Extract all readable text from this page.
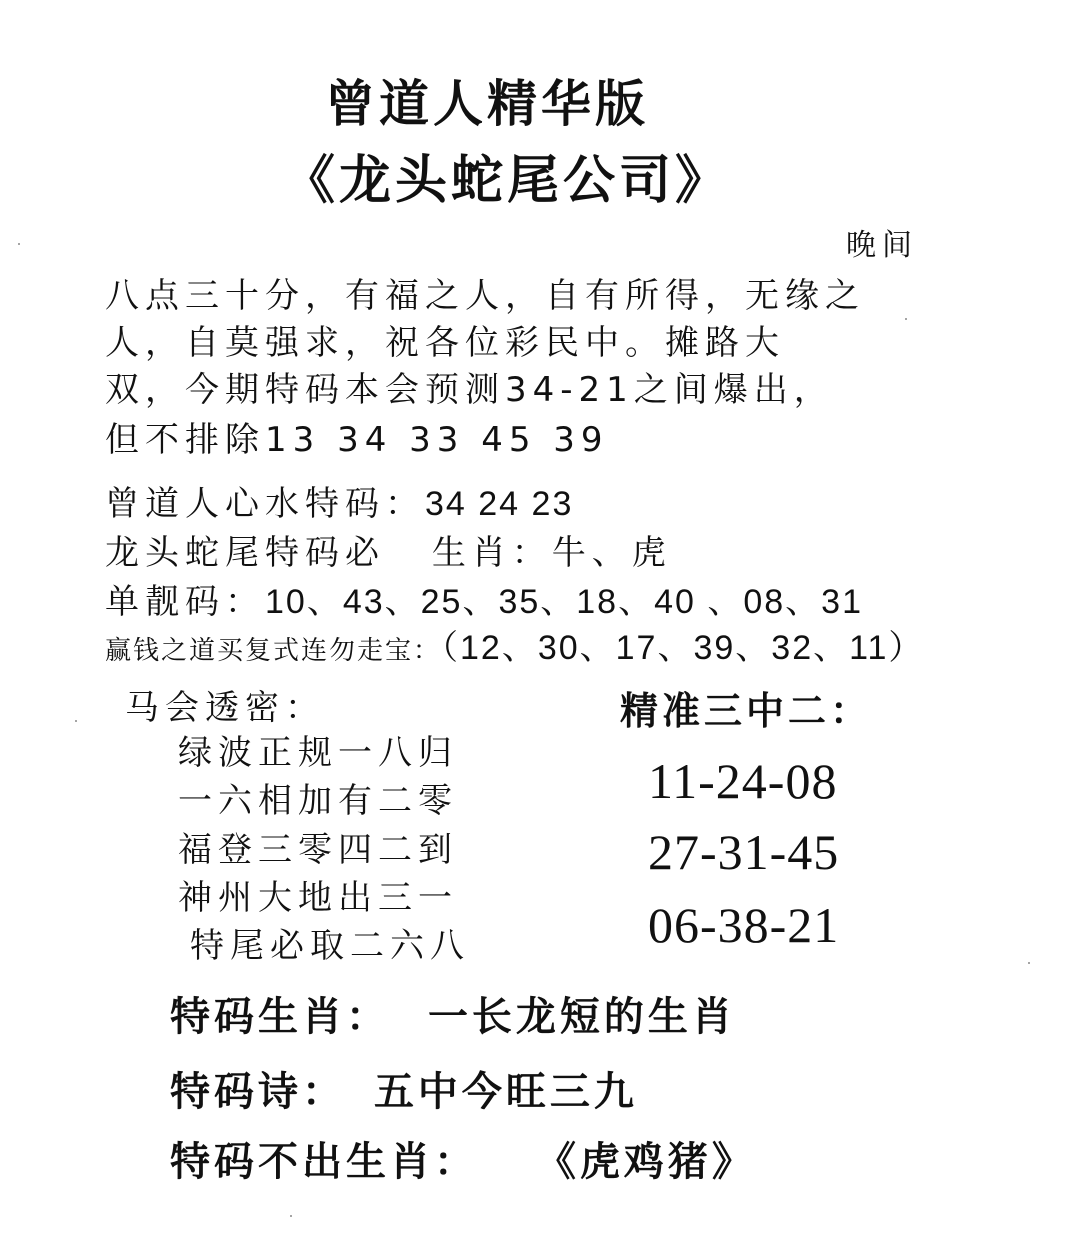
曾道人精华版
《龙头蛇尾公司》
晚间
八点三十分，有福之人，自有所得，无缘之
人，自莫强求，祝各位彩民中。摊路大
双，今期特码本会预测34-21之间爆出，
但不排除13 34 33 45 39
曾道人心水特码：34 24 23
龙头蛇尾特码必 生肖：牛、虎
单靓码：10、43、25、35、18、40 、08、31
赢钱之道买复式连勿走宝：（12、30、17、39、32、11）
马会透密：	精准三中二：
绿波正规一八归
一六相加有二零
福登三零四二到
神州大地出三一
特尾必取二六八
11-24-08
27-31-45
06-38-21
特码生肖： 一长龙短的生肖
特码诗： 五中今旺三九
特码不出生肖： 《虎鸡猪》
